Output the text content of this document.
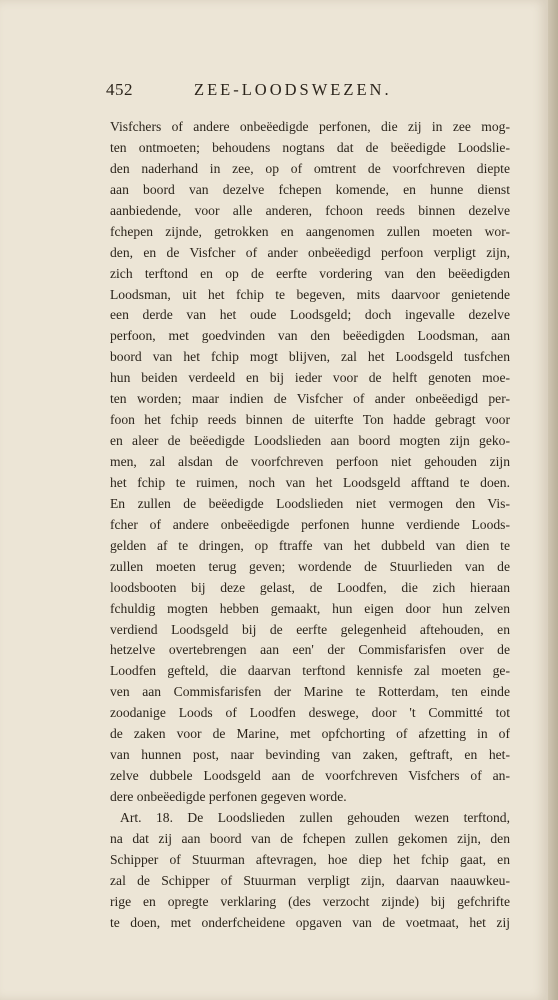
452	ZEE-LOODSWEZEN.
Visfchers of andere onbeëedigde perfonen, die zij in zee mog-
ten ontmoeten; behoudens nogtans dat de beëedigde Loodslie-
den naderhand in zee, op of omtrent de voorfchreven diepte
aan boord van dezelve fchepen komende, en hunne dienst
aanbiedende, voor alle anderen, fchoon reeds binnen dezelve
fchepen zijnde, getrokken en aangenomen zullen moeten wor-
den, en de Visfcher of ander onbeëedigd perfoon verpligt zijn,
zich terftond en op de eerfte vordering van den beëedigden
Loodsman, uit het fchip te begeven, mits daarvoor genietende
een derde van het oude Loodsgeld; doch ingevalle dezelve
perfoon, met goedvinden van den beëedigden Loodsman, aan
boord van het fchip mogt blijven, zal het Loodsgeld tusfchen
hun beiden verdeeld en bij ieder voor de helft genoten moe-
ten worden; maar indien de Visfcher of ander onbeëedigd per-
foon het fchip reeds binnen de uiterfte Ton hadde gebragt voor
en aleer de beëedigde Loodslieden aan boord mogten zijn geko-
men, zal alsdan de voorfchreven perfoon niet gehouden zijn
het fchip te ruimen, noch van het Loodsgeld afftand te doen.
En zullen de beëedigde Loodslieden niet vermogen den Vis-
fcher of andere onbeëedigde perfonen hunne verdiende Loods-
gelden af te dringen, op ftraffe van het dubbeld van dien te
zullen moeten terug geven; wordende de Stuurlieden van de
loodsbooten bij deze gelast, de Loodfen, die zich hieraan
fchuldig mogten hebben gemaakt, hun eigen door hun zelven
verdiend Loodsgeld bij de eerfte gelegenheid aftehouden, en
hetzelve overtebrengen aan een' der Commisfarisfen over de
Loodfen gefteld, die daarvan terftond kennisfe zal moeten ge-
ven aan Commisfarisfen der Marine te Rotterdam, ten einde
zoodanige Loods of Loodfen deswege, door 't Committé tot
de zaken voor de Marine, met opfchorting of afzetting in of
van hunnen post, naar bevinding van zaken, geftraft, en het-
zelve dubbele Loodsgeld aan de voorfchreven Visfchers of an-
dere onbeëedigde perfonen gegeven worde.
Art. 18. De Loodslieden zullen gehouden wezen terftond,
na dat zij aan boord van de fchepen zullen gekomen zijn, den
Schipper of Stuurman aftevragen, hoe diep het fchip gaat, en
zal de Schipper of Stuurman verpligt zijn, daarvan naauwkeu-
rige en opregte verklaring (des verzocht zijnde) bij gefchrifte
te doen, met onderfcheidene opgaven van de voetmaat, het zij
